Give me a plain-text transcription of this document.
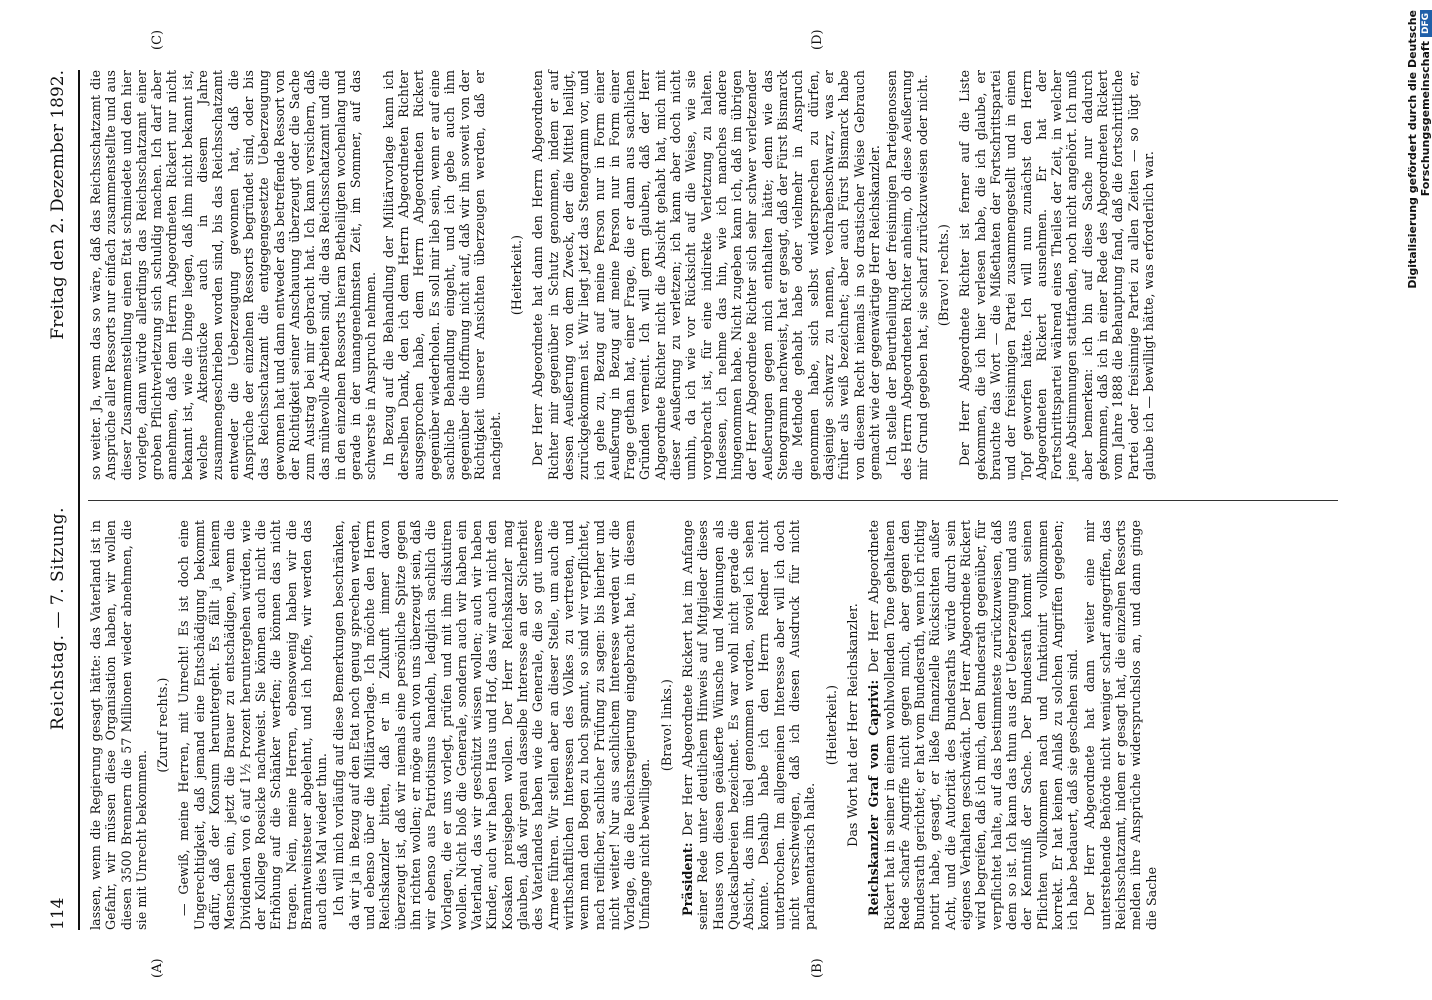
114
Reichstag. — 7. Sitzung.
Freitag den 2. Dezember 1892.

lassen, wenn die Regierung gesagt hätte: das Vaterland ist in Gefahr, wir müssen diese Organisation haben, wir wollen diesen 3500 Brennern die 57 Millionen wieder abnehmen, die sie mit Unrecht bekommen.

(Zuruf rechts.) — Gewiß, meine Herren, mit Unrecht! Es ist doch eine Ungerechtigkeit, daß jemand eine Entschädigung bekommt dafür, daß der Konsum heruntergeht. Es fällt ja keinem Menschen ein, jetzt die Brauer zu entschädigen, wenn die Dividenden von 6 auf 1½ Prozent heruntergehen würden, wie der Kollege Roesicke nachweist. Sie können auch nicht die Erhöhung auf die Schänker werfen; die können das nicht tragen. Nein, meine Herren, ebensowenig haben wir die Branntweinsteuer abgelehnt, und ich hoffe, wir werden das auch dies Mal wieder thun. Ich will mich vorläufig auf diese Bemerkungen beschränken, da wir ja in Bezug auf den Etat noch genug sprechen werden, und ebenso über die Militärvorlage. Ich möchte den Herrn Reichskanzler bitten, daß er in Zukunft immer davon überzeugt ist, daß wir niemals eine persönliche Spitze gegen ihn richten wollen; er möge auch von uns überzeugt sein, daß wir ebenso aus Patriotismus handeln, lediglich sachlich die Vorlagen, die er uns vorlegt, prüfen und mit ihm diskutiren wollen. Nicht bloß die Generale, sondern auch wir haben ein Vaterland, das wir geschützt wissen wollen; auch wir haben Kinder, auch wir haben Haus und Hof, das wir auch nicht den Kosaken preisgeben wollen. Der Herr Reichskanzler mag glauben, daß wir genau dasselbe Interesse an der Sicherheit des Vaterlandes haben wie die Generale, die so gut unsere Armee führen. Wir stellen aber an dieser Stelle, um auch die wirthschaftlichen Interessen des Volkes zu vertreten, und wenn man den Bogen zu hoch spannt, so sind wir verpflichtet, nach reiflicher, sachlicher Prüfung zu sagen: bis hierher und nicht weiter! Nur aus sachlichem Interesse werden wir die Vorlage, die die Reichsregierung eingebracht hat, in diesem Umfange nicht bewilligen.

(Bravo! links.)

Präsident: Der Herr Abgeordnete Rickert hat im Anfange seiner Rede unter deutlichem Hinweis auf Mitglieder dieses Hauses von diesen geäußerte Wünsche und Meinungen als Quacksalbereien bezeichnet. Es war wohl nicht gerade die Absicht, das ihm übel genommen worden, soviel ich sehen konnte. Deshalb habe ich den Herrn Redner nicht unterbrochen. Im allgemeinen Interesse aber will ich doch nicht verschweigen, daß ich diesen Ausdruck für nicht parlamentarisch halte.

(Heiterkeit.) Das Wort hat der Herr Reichskanzler. Reichskanzler Graf von Caprivi: Der Herr Abgeordnete Rickert hat in seiner in einem wohlwollenden Tone gehaltenen Rede scharfe Angriffe nicht gegen mich, aber gegen den Bundesrath gerichtet; er hat vom Bundesrath, wenn ich richtig notirt habe, gesagt, er ließe finanzielle Rücksichten außer Acht, und die Autorität des Bundesraths würde durch sein eigenes Verhalten geschwächt. Der Herr Abgeordnete Rickert wird begreifen, daß ich mich, dem Bundesrath gegenüber, für verpflichtet halte, auf das bestimmteste zurückzuweisen, daß dem so ist. Ich kann das thun aus der Ueberzeugung und aus der Kenntniß der Sache. Der Bundesrath kommt seinen Pflichten vollkommen nach und funktionirt vollkommen korrekt. Er hat keinen Anlaß zu solchen Angriffen gegeben; ich habe bedauert, daß sie geschehen sind. Der Herr Abgeordnete hat dann weiter eine mir unterstehende Behörde nicht weniger scharf angegriffen, das Reichsschatzamt, indem er gesagt hat, die einzelnen Ressorts melden ihre Ansprüche widerspruchslos an, und dann ginge die Sache

so weiter. Ja, wenn das so wäre, daß das Reichsschatzamt die Ansprüche aller Ressorts nur einfach zusammenstellte und aus dieser Zusammenstellung einen Etat schmiedete und den hier vorlegte, dann würde allerdings das Reichsschatzamt einer groben Pflichtverletzung sich schuldig machen. Ich darf aber annehmen, daß dem Herrn Abgeordneten Rickert nur nicht bekannt ist, wie die Dinge liegen, daß ihm nicht bekannt ist, welche Aktenstücke auch in diesem Jahre zusammengeschrieben worden sind, bis das Reichsschatzamt entweder die Ueberzeugung gewonnen hat, daß die Ansprüche der einzelnen Ressorts begründet sind, oder bis das Reichsschatzamt die entgegengesetzte Ueberzeugung gewonnen hat und dann entweder das betreffende Ressort von der Richtigkeit seiner Anschauung überzeugt oder die Sache zum Austrag bei mir gebracht hat. Ich kann versichern, daß das mühevolle Arbeiten sind, die das Reichsschatzamt und die in den einzelnen Ressorts hieran Betheiligten wochenlang und gerade in der unangenehmsten Zeit, im Sommer, auf das schwerste in Anspruch nehmen. In Bezug auf die Behandlung der Militärvorlage kann ich derselben Dank, den ich dem Herrn Abgeordneten Richter ausgesprochen habe, dem Herrn Abgeordneten Rickert gegenüber wiederholen. Es soll mir lieb sein, wenn er auf eine sachliche Behandlung eingeht, und ich gebe auch ihm gegenüber die Hoffnung nicht auf, daß wir ihn soweit von der Richtigkeit unserer Ansichten überzeugen werden, daß er nachgiebt.

(Heiterkeit.) Der Herr Abgeordnete hat dann den Herrn Abgeordneten Richter mir gegenüber in Schutz genommen, indem er auf dessen Aeußerung von dem Zweck, der die Mittel heiligt, zurückgekommen ist. Wir liegt jetzt das Stenogramm vor, und ich gehe zu, Bezug auf meine Person nur in Form einer Aeußerung in Bezug auf meine Person nur in Form einer Frage gethan hat, einer Frage, die er dann aus sachlichen Gründen verneint. Ich will gern glauben, daß der Herr Abgeordnete Richter nicht die Absicht gehabt hat, mich mit dieser Aeußerung zu verletzen; ich kann aber doch nicht umhin, da ich wie vor Rücksicht auf die Weise, wie sie vorgebracht ist, für eine indirekte Verletzung zu halten. Indessen, ich nehme das hin, wie ich manches andere hingenommen habe. Nicht zugeben kann ich, daß im übrigen der Herr Abgeordnete Richter sich sehr schwer verletzender Aeußerungen gegen mich enthalten hätte; denn wie das Stenogramm nachweist, hat er gesagt, daß der Fürst Bismarck die Methode gehabt habe oder vielmehr in Anspruch genommen habe, sich selbst widersprechen zu dürfen, dasjenige schwarz zu nennen, vechrabenschwarz, was er früher als weiß bezeichnet; aber auch Fürst Bismarck habe von diesem Recht niemals in so drastischer Weise Gebrauch gemacht wie der gegenwärtige Herr Reichskanzler. Ich stelle der Beurtheilung der freisinnigen Parteigenossen des Herrn Abgeordneten Richter anheim, ob diese Aeußerung mir Grund gegeben hat, sie scharf zurückzuweisen oder nicht. (Bravo! rechts.) Der Herr Abgeordnete Richter ist ferner auf die Liste gekommen, die ich hier verlesen habe, die ich glaube, er brauchte das Wort — die Mißethaten der Fortschrittspartei und der freisinnigen Partei zusammengestellt und in einen Topf geworfen hätte. Ich will nun zunächst den Herrn Abgeordneten Rickert ausnehmen. Er hat der Fortschrittspartei während eines Theiles der Zeit, in welcher jene Abstimmungen stattfanden, noch nicht angehört. Ich muß aber bemerken: ich bin auf diese Sache nur dadurch gekommen, daß ich in einer Rede des Abgeordneten Rickert vom Jahre 1888 die Behauptung fand, daß die fortschrittliche Partei oder freisinnige Partei zu allen Zeiten — so lügt er, glaube ich — bewilligt hätte, was erforderlich war.

(A)	(B)
(C)	(D)	Digitalisierung gefördert durch die Deutsche ForschungsgemeinschaftDFG
